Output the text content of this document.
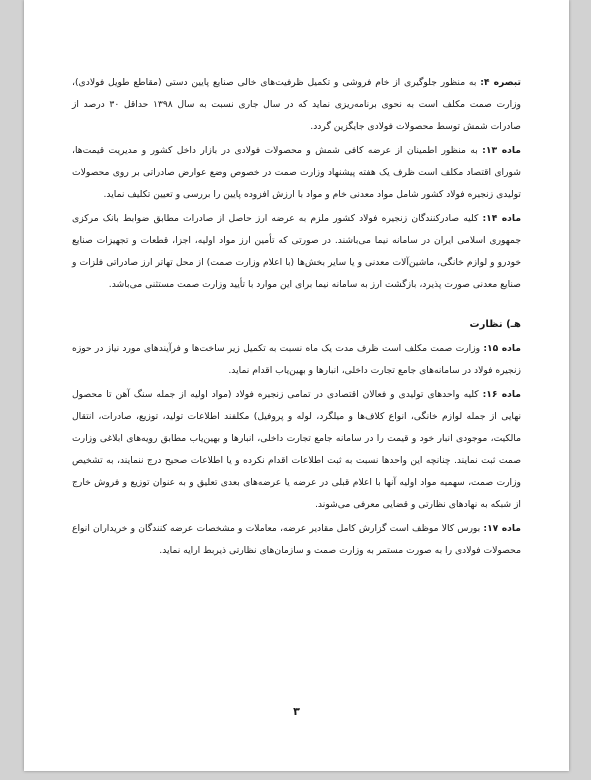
تبصره ۴: به منظور جلوگیری از خام فروشی و تکمیل ظرفیت‌های خالی صنایع پایین دستی (مقاطع طویل فولادی)، وزارت صمت مکلف است به نحوی برنامه‌ریزی نماید که در سال جاری نسبت به سال ۱۳۹۸ حداقل ۳۰ درصد از صادرات شمش توسط محصولات فولادی جایگزین گردد.

ماده ۱۳: به منظور اطمینان از عرضه کافی شمش و محصولات فولادی در بازار داخل کشور و مدیریت قیمت‌ها، شورای اقتصاد مکلف است ظرف یک هفته پیشنهاد وزارت صمت در خصوص وضع عوارض صادراتی بر روی محصولات تولیدی زنجیره فولاد کشور شامل مواد معدنی خام و مواد با ارزش افزوده پایین را بررسی و تعیین تکلیف نماید.

ماده ۱۴: کلیه صادرکنندگان زنجیره فولاد کشور ملزم به عرضه ارز حاصل از صادرات مطابق ضوابط بانک مرکزی جمهوری اسلامی ایران در سامانه نیما می‌باشند. در صورتی که تأمین ارز مواد اولیه، اجزا، قطعات و تجهیزات صنایع خودرو و لوازم خانگی، ماشین‌آلات معدنی و یا سایر بخش‌ها (با اعلام وزارت صمت) از محل تهاتر ارز صادراتی فلزات و صنایع معدنی صورت پذیرد، بازگشت ارز به سامانه نیما برای این موارد با تأیید وزارت صمت مستثنی می‌باشد.

هـ) نظارت

ماده ۱۵: وزارت صمت مکلف است ظرف مدت یک ماه نسبت به تکمیل زیر ساخت‌ها و فرآیندهای مورد نیاز در حوزه زنجیره فولاد در سامانه‌های جامع تجارت داخلی، انبارها و بهین‌یاب اقدام نماید.

ماده ۱۶: کلیه واحدهای تولیدی و فعالان اقتصادی در تمامی زنجیره فولاد (مواد اولیه از جمله سنگ آهن تا محصول نهایی از جمله لوازم خانگی، انواع کلاف‌ها و میلگرد، لوله و پروفیل) مکلفند اطلاعات تولید، توزیع، صادرات، انتقال مالکیت، موجودی انبار خود و قیمت را در سامانه جامع تجارت داخلی، انبارها و بهین‌یاب مطابق رویه‌های ابلاغی وزارت صمت ثبت نمایند. چنانچه این واحدها نسبت به ثبت اطلاعات اقدام نکرده و یا اطلاعات صحیح درج ننمایند، به تشخیص وزارت صمت، سهمیه مواد اولیه آنها با اعلام قبلی در عرضه یا عرضه‌های بعدی تعلیق و به عنوان توزیع و فروش خارج از شبکه به نهادهای نظارتی و قضایی معرفی می‌شوند.

ماده ۱۷: بورس کالا موظف است گزارش کامل مقادیر عرضه، معاملات و مشخصات عرضه کنندگان و خریداران انواع محصولات فولادی را به صورت مستمر به وزارت صمت و سازمان‌های نظارتی ذیربط ارایه نماید.

۳
